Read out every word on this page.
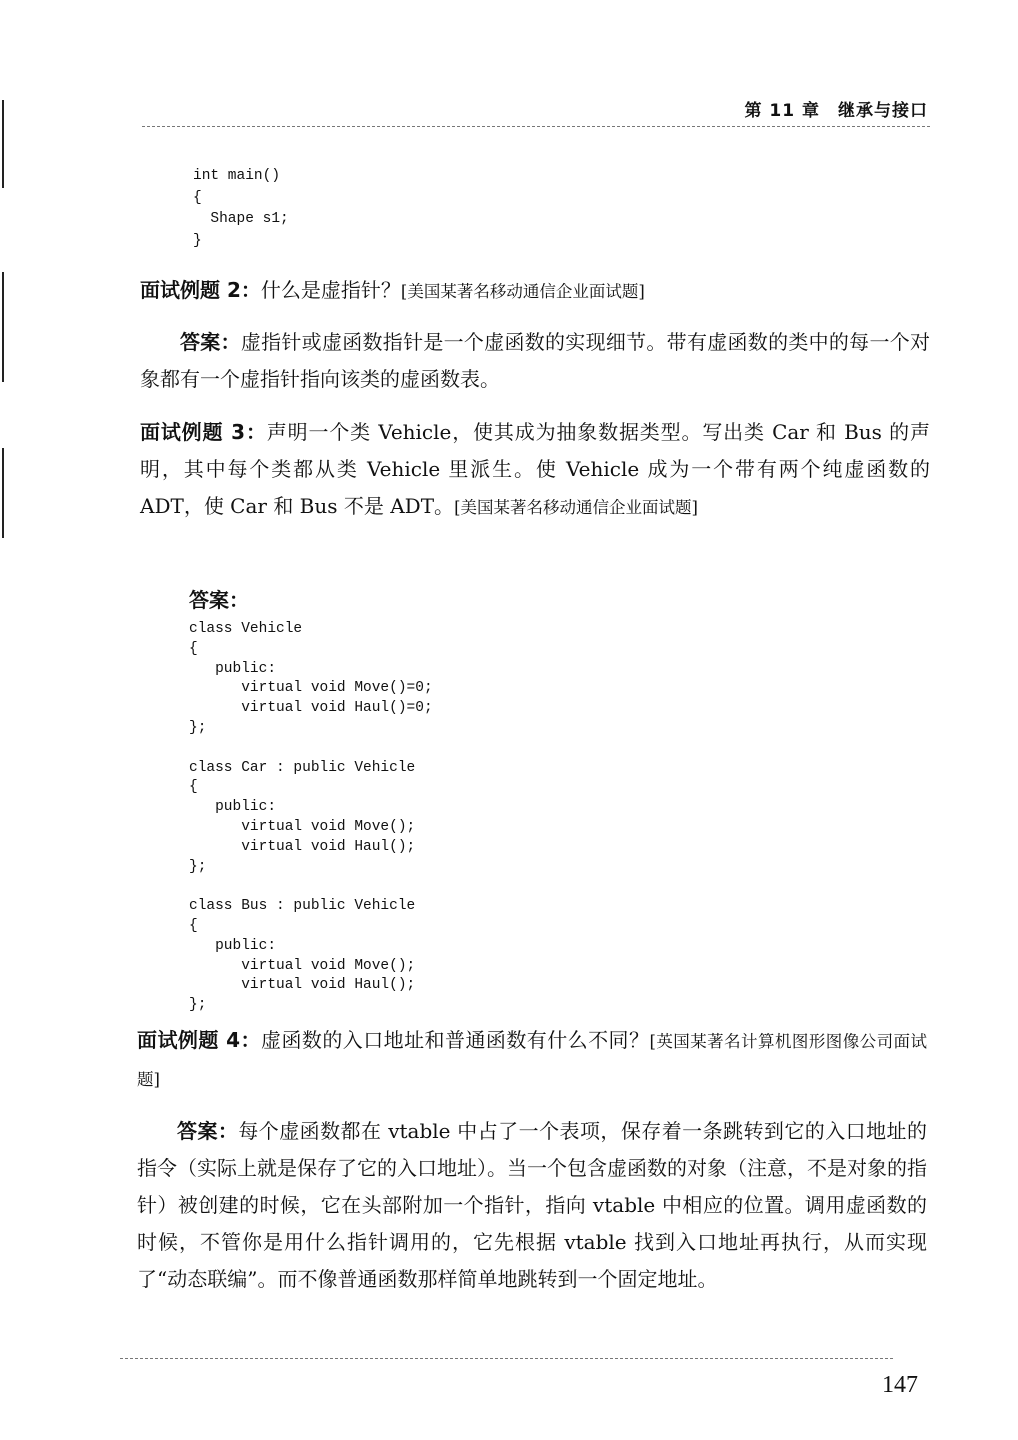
第 11 章　继承与接口
int main()
{
Shape s1;
}

面试例题 2：什么是虚指针？[美国某著名移动通信企业面试题]

答案：虚指针或虚函数指针是一个虚函数的实现细节。带有虚函数的类中的每一个对象都有一个虚指针指向该类的虚函数表。

面试例题 3：声明一个类 Vehicle，使其成为抽象数据类型。写出类 Car 和 Bus 的声明，其中每个类都从类 Vehicle 里派生。使 Vehicle 成为一个带有两个纯虚函数的 ADT，使 Car 和 Bus 不是 ADT。[美国某著名移动通信企业面试题]

答案：
class Vehicle
{
public:
virtual void Move()=0;
virtual void Haul()=0;
};

class Car : public Vehicle
{
public:
virtual void Move();
virtual void Haul();
};

class Bus : public Vehicle
{
public:
virtual void Move();
virtual void Haul();
};

面试例题 4：虚函数的入口地址和普通函数有什么不同？[英国某著名计算机图形图像公司面试题]

答案：每个虚函数都在 vtable 中占了一个表项，保存着一条跳转到它的入口地址的指令（实际上就是保存了它的入口地址）。当一个包含虚函数的对象（注意，不是对象的指针）被创建的时候，它在头部附加一个指针，指向 vtable 中相应的位置。调用虚函数的时候，不管你是用什么指针调用的，它先根据 vtable 找到入口地址再执行，从而实现了“动态联编”。而不像普通函数那样简单地跳转到一个固定地址。

147
